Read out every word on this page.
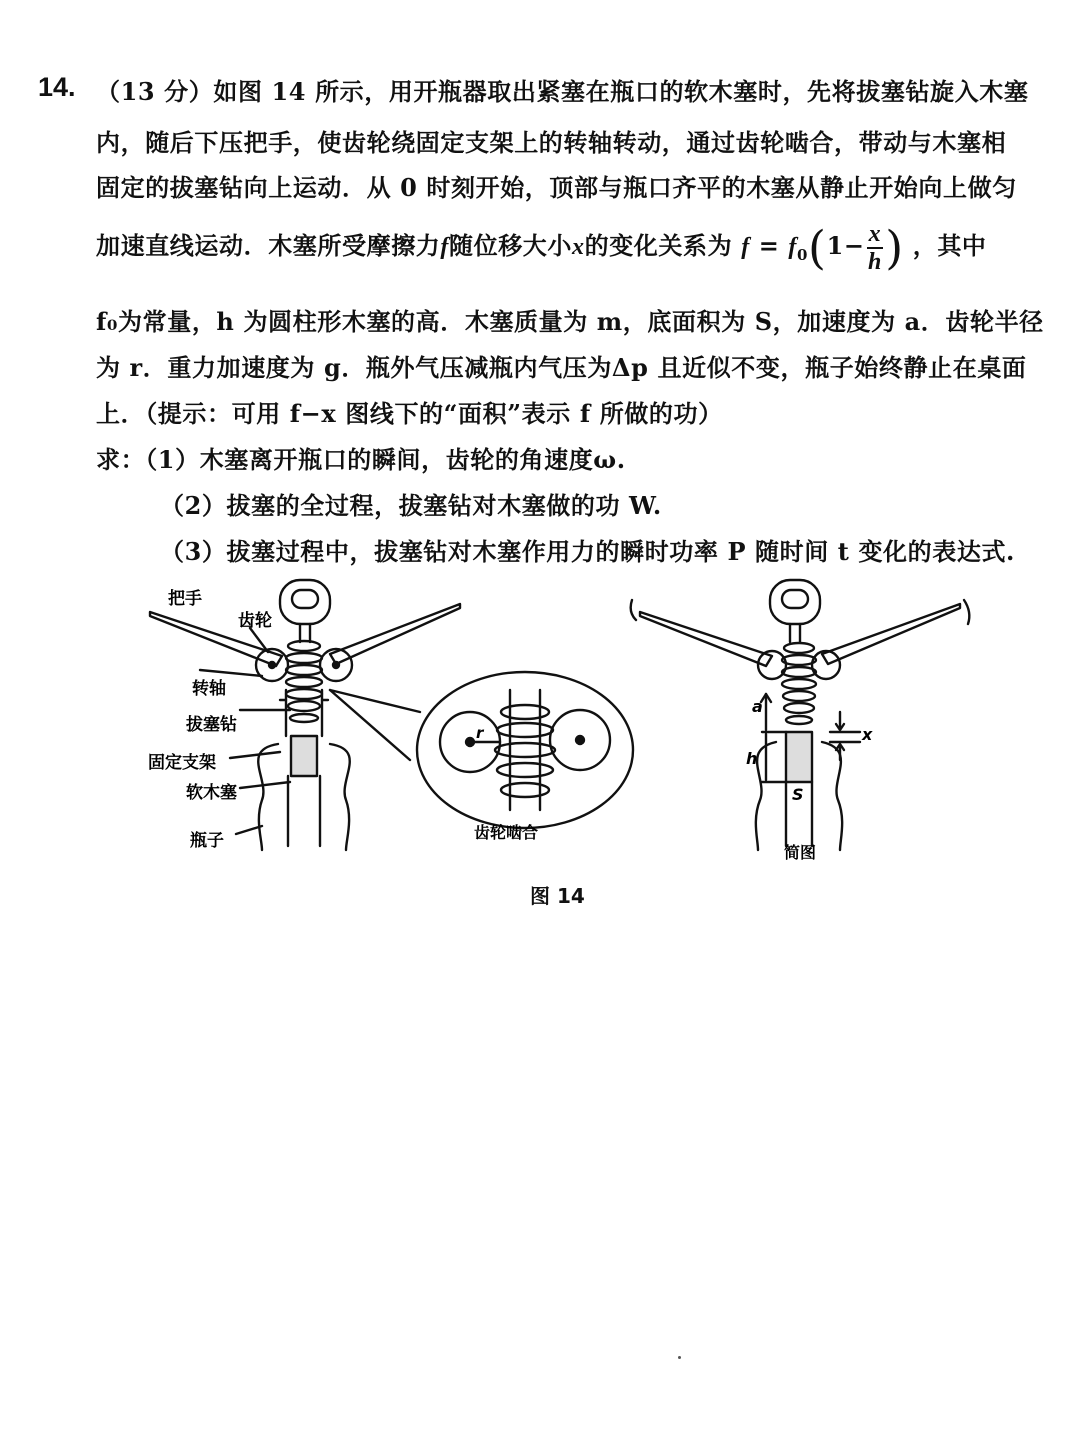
14. （13 分）如图 14 所示，用开瓶器取出紧塞在瓶口的软木塞时，先将拔塞钻旋入木塞
内，随后下压把手，使齿轮绕固定支架上的转轴转动，通过齿轮啮合，带动与木塞相
固定的拔塞钻向上运动．从 0 时刻开始，顶部与瓶口齐平的木塞从静止开始向上做匀
加速直线运动．木塞所受摩擦力f随位移大小x的变化关系为 $f = f_0(1- \frac{x}{h}$ ) ，其中
f₀为常量，h 为圆柱形木塞的高．木塞质量为 m，底面积为 S，加速度为 a．齿轮半径
为 r．重力加速度为 g．瓶外气压减瓶内气压为Δp 且近似不变，瓶子始终静止在桌面
上．（提示：可用 f−x 图线下的“面积”表示 f 所做的功）
求：（1）木塞离开瓶口的瞬间，齿轮的角速度ω.
（2）拔塞的全过程，拔塞钻对木塞做的功 W.
（3）拔塞过程中，拔塞钻对木塞作用力的瞬时功率 P 随时间 t 变化的表达式.
把手
齿轮
转轴
拔塞钻
固定支架
软木塞
瓶子	齿轮啮合
r
a
x
h
S
简图
图 14
